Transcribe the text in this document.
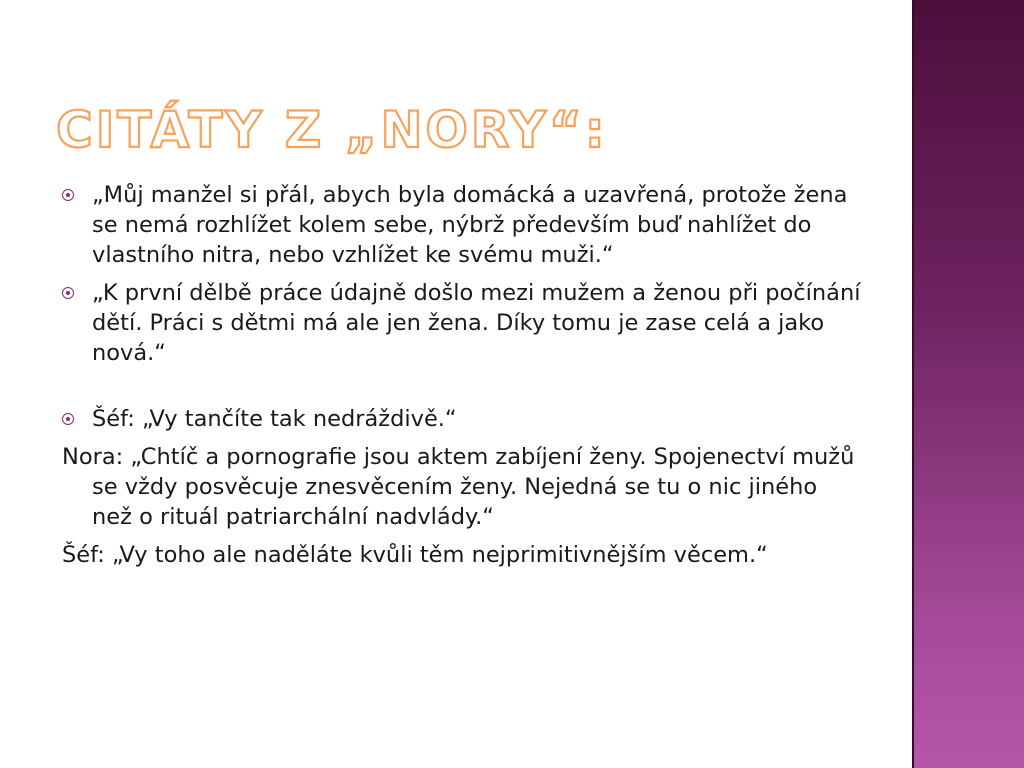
CITÁTY Z „NORY“:
„Můj manžel si přál, abych byla domácká a uzavřená, protože žena se nemá rozhlížet kolem sebe, nýbrž především buď nahlížet do vlastního nitra, nebo vzhlížet ke svému muži.“
„K první dělbě práce údajně došlo mezi mužem a ženou při počínání dětí. Práci s dětmi má ale jen žena. Díky tomu je zase celá a jako nová.“
Šéf: „Vy tančíte tak nedráždivě.“
Nora: „Chtíč a pornografie jsou aktem zabíjení ženy. Spojenectví mužů se vždy posvěcuje znesvěcením ženy. Nejedná se tu o nic jiného než o rituál patriarchální nadvlády.“
Šéf: „Vy toho ale naděláte kvůli těm nejprimitivnějším věcem.“
